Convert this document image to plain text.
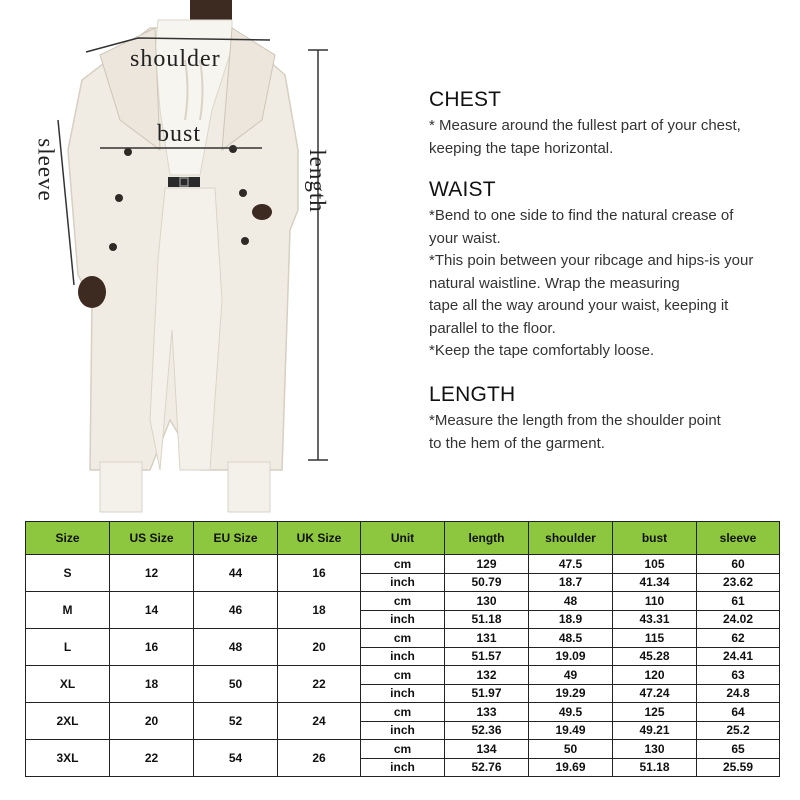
shoulder
bust
sleeve	length
CHEST
* Measure around the fullest part of your chest,
keeping the tape horizontal.
WAIST
*Bend to one side to find the natural crease of
your waist.
*This poin between your ribcage and hips-is your
natural waistline. Wrap the measuring
tape all the way around your waist, keeping it
parallel to the floor.
*Keep the tape comfortably loose.
LENGTH
*Measure the length from the shoulder point
to the hem of the garment.
Size	US Size	EU Size	UK Size	Unit	length	shoulder	bust	sleeve
S	12	44	16	cm	129	47.5	105	60
				inch	50.79	18.7	41.34	23.62
M	14	46	18	cm	130	48	110	61
				inch	51.18	18.9	43.31	24.02
L	16	48	20	cm	131	48.5	115	62
				inch	51.57	19.09	45.28	24.41
XL	18	50	22	cm	132	49	120	63
				inch	51.97	19.29	47.24	24.8
2XL	20	52	24	cm	133	49.5	125	64
				inch	52.36	19.49	49.21	25.2
3XL	22	54	26	cm	134	50	130	65
				inch	52.76	19.69	51.18	25.59
